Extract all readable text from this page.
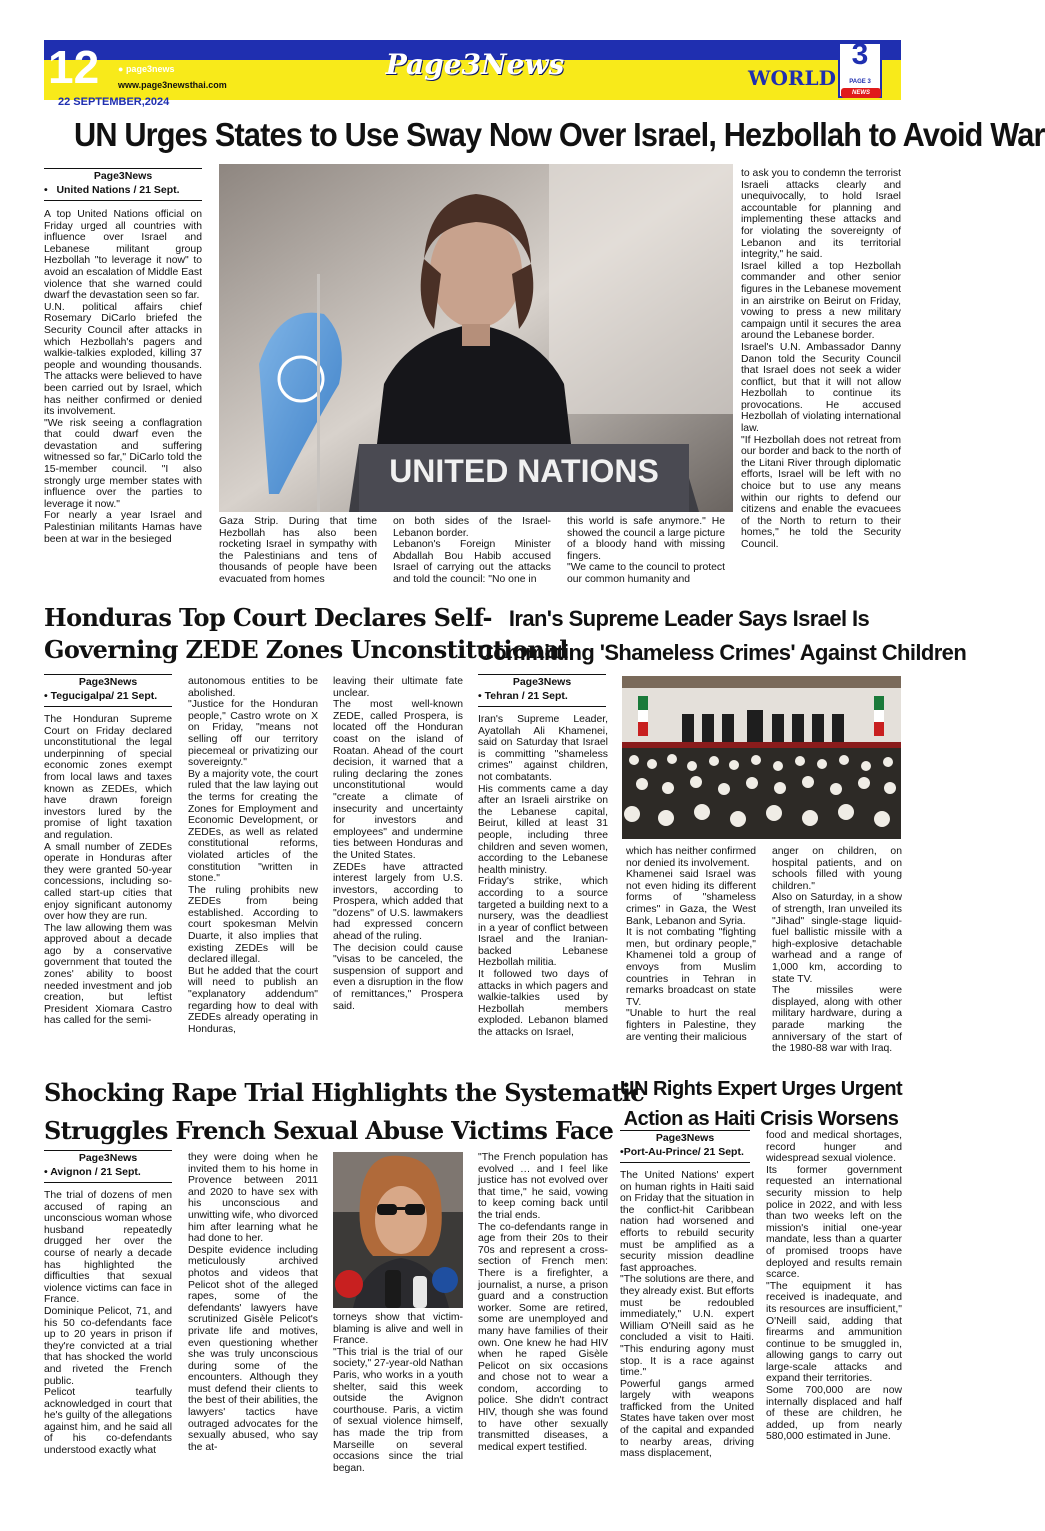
12 ● page3news
www.page3newsthai.com
22 SEPTEMBER,2024
Page3News	WORLD
3
PAGE 3
NEWS
UN Urges States to Use Sway Now Over Israel, Hezbollah to Avoid War
Page3News
•   United Nations / 21 Sept.
A top United Nations official on Friday urged all countries with influence over Israel and Lebanese militant group Hezbollah "to leverage it now" to avoid an escalation of Middle East violence that she warned could dwarf the devastation seen so far.
U.N. political affairs chief Rosemary DiCarlo briefed the Security Council after attacks in which Hezbollah's pagers and walkie-talkies exploded, killing 37 people and wounding thousands. The attacks were believed to have been carried out by Israel, which has neither confirmed or denied its involvement.
"We risk seeing a conflagration that could dwarf even the devastation and suffering witnessed so far," DiCarlo told the 15-member council. "I also strongly urge member states with influence over the parties to leverage it now."
For nearly a year Israel and Palestinian militants Hamas have been at war in the besieged
UNITED NATIONS
Gaza Strip. During that time Hezbollah has also been rocketing Israel in sympathy with the Palestinians and tens of thousands of people have been evacuated from homes
on both sides of the Israel-Lebanon border.
Lebanon's Foreign Minister Abdallah Bou Habib accused Israel of carrying out the attacks and told the council: "No one in
this world is safe anymore." He showed the council a large picture of a bloody hand with missing fingers.
"We came to the council to protect our common humanity and
to ask you to condemn the terrorist Israeli attacks clearly and unequivocally, to hold Israel accountable for planning and implementing these attacks and for violating the sovereignty of Lebanon and its territorial integrity," he said.
Israel killed a top Hezbollah commander and other senior figures in the Lebanese movement in an airstrike on Beirut on Friday, vowing to press a new military campaign until it secures the area around the Lebanese border.
Israel's U.N. Ambassador Danny Danon told the Security Council that Israel does not seek a wider conflict, but that it will not allow Hezbollah to continue its provocations. He accused Hezbollah of violating international law.
"If Hezbollah does not retreat from our border and back to the north of the Litani River through diplomatic efforts, Israel will be left with no choice but to use any means within our rights to defend our citizens and enable the evacuees of the North to return to their homes," he told the Security Council.
Honduras Top Court Declares Self-
Governing ZEDE Zones Unconstitutional
Page3News
• Tegucigalpa/ 21 Sept.
The Honduran Supreme Court on Friday declared unconstitutional the legal underpinning of special economic zones exempt from local laws and taxes known as ZEDEs, which have drawn foreign investors lured by the promise of light taxation and regulation.
A small number of ZEDEs operate in Honduras after they were granted 50-year concessions, including so-called start-up cities that enjoy significant autonomy over how they are run.
The law allowing them was approved about a decade ago by a conservative government that touted the zones' ability to boost needed investment and job creation, but leftist President Xiomara Castro has called for the semi-
autonomous entities to be abolished.
"Justice for the Honduran people," Castro wrote on X on Friday, "means not selling off our territory piecemeal or privatizing our sovereignty."
By a majority vote, the court ruled that the law laying out the terms for creating the Zones for Employment and Economic Development, or ZEDEs, as well as related constitutional reforms, violated articles of the constitution "written in stone."
The ruling prohibits new ZEDEs from being established. According to court spokesman Melvin Duarte, it also implies that existing ZEDEs will be declared illegal.
But he added that the court will need to publish an "explanatory addendum" regarding how to deal with ZEDEs already operating in Honduras,
leaving their ultimate fate unclear.
The most well-known ZEDE, called Prospera, is located off the Honduran coast on the island of Roatan. Ahead of the court decision, it warned that a ruling declaring the zones unconstitutional would "create a climate of insecurity and uncertainty for investors and employees" and undermine ties between Honduras and the United States.
ZEDEs have attracted interest largely from U.S. investors, according to Prospera, which added that "dozens" of U.S. lawmakers had expressed concern ahead of the ruling.
The decision could cause "visas to be canceled, the suspension of support and even a disruption in the flow of remittances," Prospera said.
Iran's Supreme Leader Says Israel Is
Committing 'Shameless Crimes' Against Children
Page3News
• Tehran / 21 Sept.
Iran's Supreme Leader, Ayatollah Ali Khamenei, said on Saturday that Israel is committing "shameless crimes" against children, not combatants.
His comments came a day after an Israeli airstrike on the Lebanese capital, Beirut, killed at least 31 people, including three children and seven women, according to the Lebanese health ministry.
Friday's strike, which according to a source targeted a building next to a nursery, was the deadliest in a year of conflict between Israel and the Iranian-backed Lebanese Hezbollah militia.
It followed two days of attacks in which pagers and walkie-talkies used by Hezbollah members exploded. Lebanon blamed the attacks on Israel,
which has neither confirmed nor denied its involvement.
Khamenei said Israel was not even hiding its different forms of "shameless crimes" in Gaza, the West Bank, Lebanon and Syria.
It is not combating "fighting men, but ordinary people," Khamenei told a group of envoys from Muslim countries in Tehran in remarks broadcast on state TV.
"Unable to hurt the real fighters in Palestine, they are venting their malicious
anger on children, on hospital patients, and on schools filled with young children."
Also on Saturday, in a show of strength, Iran unveiled its "Jihad" single-stage liquid-fuel ballistic missile with a high-explosive detachable warhead and a range of 1,000 km, according to state TV.
The missiles were displayed, along with other military hardware, during a parade marking the anniversary of the start of the 1980-88 war with Iraq.
Shocking Rape Trial Highlights the Systematic
Struggles French Sexual Abuse Victims Face
Page3News
• Avignon / 21 Sept.
The trial of dozens of men accused of raping an unconscious woman whose husband repeatedly drugged her over the course of nearly a decade has highlighted the difficulties that sexual violence victims can face in France.
Dominique Pelicot, 71, and his 50 co-defendants face up to 20 years in prison if they're convicted at a trial that has shocked the world and riveted the French public.
Pelicot tearfully acknowledged in court that he's guilty of the allegations against him, and he said all of his co-defendants understood exactly what
they were doing when he invited them to his home in Provence between 2011 and 2020 to have sex with his unconscious and unwitting wife, who divorced him after learning what he had done to her.
Despite evidence including meticulously archived photos and videos that Pelicot shot of the alleged rapes, some of the defendants' lawyers have scrutinized Gisèle Pelicot's private life and motives, even questioning whether she was truly unconscious during some of the encounters. Although they must defend their clients to the best of their abilities, the lawyers' tactics have outraged advocates for the sexually abused, who say the at-
torneys show that victim-blaming is alive and well in France.
"This trial is the trial of our society," 27-year-old Nathan Paris, who works in a youth shelter, said this week outside the Avignon courthouse. Paris, a victim of sexual violence himself, has made the trip from Marseille on several occasions since the trial began.
"The French population has evolved … and I feel like justice has not evolved over that time," he said, vowing to keep coming back until the trial ends.
The co-defendants range in age from their 20s to their 70s and represent a cross-section of French men: There is a firefighter, a journalist, a nurse, a prison guard and a construction worker. Some are retired, some are unemployed and many have families of their own. One knew he had HIV when he raped Gisèle Pelicot on six occasions and chose not to wear a condom, according to police. She didn't contract HIV, though she was found to have other sexually transmitted diseases, a medical expert testified.
UN Rights Expert Urges Urgent
Action as Haiti Crisis Worsens
Page3News
•Port-Au-Prince/ 21 Sept.
The United Nations' expert on human rights in Haiti said on Friday that the situation in the conflict-hit Caribbean nation had worsened and efforts to rebuild security must be amplified as a security mission deadline fast approaches.
"The solutions are there, and they already exist. But efforts must be redoubled immediately," U.N. expert William O'Neill said as he concluded a visit to Haiti. "This enduring agony must stop. It is a race against time."
Powerful gangs armed largely with weapons trafficked from the United States have taken over most of the capital and expanded to nearby areas, driving mass displacement,
food and medical shortages, record hunger and widespread sexual violence.
Its former government requested an international security mission to help police in 2022, and with less than two weeks left on the mission's initial one-year mandate, less than a quarter of promised troops have deployed and results remain scarce.
"The equipment it has received is inadequate, and its resources are insufficient," O'Neill said, adding that firearms and ammunition continue to be smuggled in, allowing gangs to carry out large-scale attacks and expand their territories.
Some 700,000 are now internally displaced and half of these are children, he added, up from nearly 580,000 estimated in June.
